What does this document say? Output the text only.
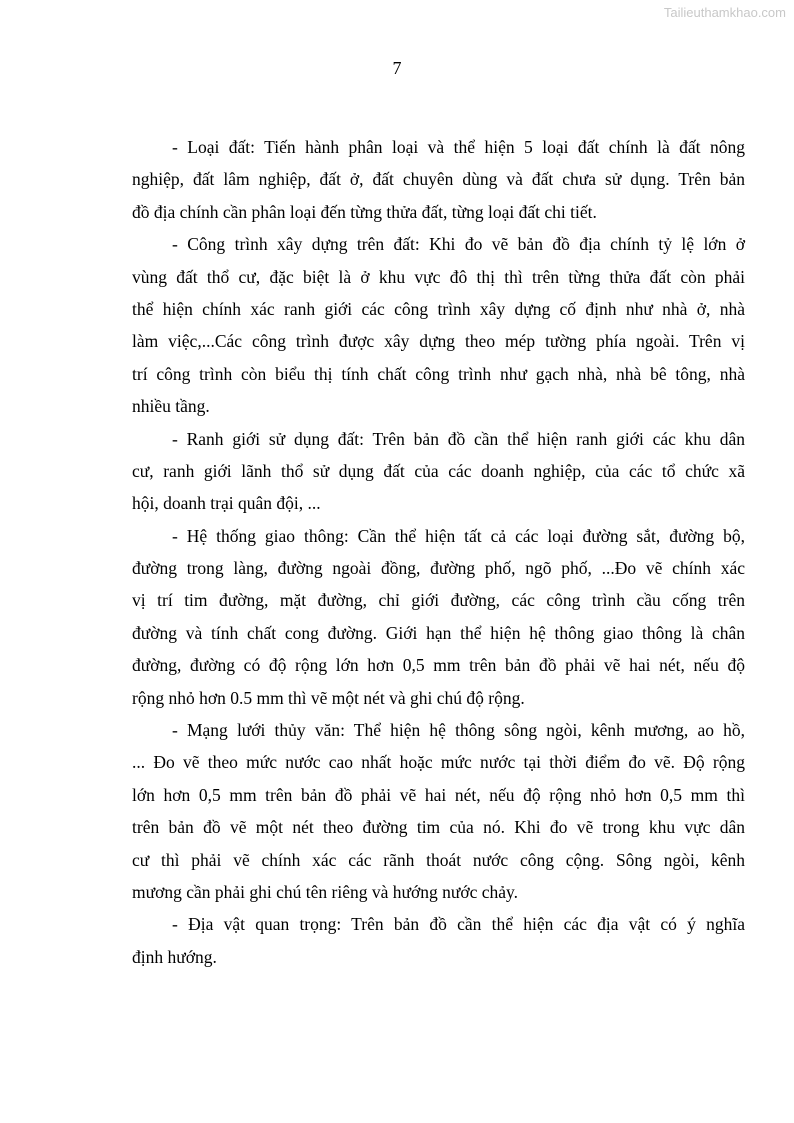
Tailieuthamkhao.com
7
- Loại đất: Tiến hành phân loại và thể hiện 5 loại đất chính là đất nông
nghiệp, đất lâm nghiệp, đất ở, đất chuyên dùng và đất chưa sử dụng. Trên bản
đồ địa chính cần phân loại đến từng thửa đất, từng loại đất chi tiết.
- Công trình xây dựng trên đất: Khi đo vẽ bản đồ địa chính tỷ lệ lớn ở
vùng đất thổ cư, đặc biệt là ở khu vực đô thị thì trên từng thửa đất còn phải
thể hiện chính xác ranh giới các công trình xây dựng cố định như nhà ở, nhà
làm việc,...Các công trình được xây dựng theo mép tường phía ngoài. Trên vị
trí công trình còn biểu thị tính chất công trình như gạch nhà, nhà bê tông, nhà
nhiều tầng.
- Ranh giới sử dụng đất: Trên bản đồ cần thể hiện ranh giới các khu dân
cư, ranh giới lãnh thổ sử dụng đất của các doanh nghiệp, của các tổ chức xã
hội, doanh trại quân đội, ...
- Hệ thống giao thông: Cần thể hiện tất cả các loại đường sắt, đường bộ,
đường trong làng, đường ngoài đồng, đường phố, ngõ phố, ...Đo vẽ chính xác
vị trí tim đường, mặt đường, chỉ giới đường, các công trình cầu cống trên
đường và tính chất cong đường. Giới hạn thể hiện hệ thông giao thông là chân
đường, đường có độ rộng lớn hơn 0,5 mm trên bản đồ phải vẽ hai nét, nếu độ
rộng nhỏ hơn 0.5 mm thì vẽ một nét và ghi chú độ rộng.
- Mạng lưới thủy văn: Thể hiện hệ thông sông ngòi, kênh mương, ao hồ,
... Đo vẽ theo mức nước cao nhất hoặc mức nước tại thời điểm đo vẽ. Độ rộng
lớn hơn 0,5 mm trên bản đồ phải vẽ hai nét, nếu độ rộng nhỏ hơn 0,5 mm thì
trên bản đồ vẽ một nét theo đường tim của nó. Khi đo vẽ trong khu vực dân
cư thì phải vẽ chính xác các rãnh thoát nước công cộng. Sông ngòi, kênh
mương cần phải ghi chú tên riêng và hướng nước chảy.
- Địa vật quan trọng: Trên bản đồ cần thể hiện các địa vật có ý nghĩa
định hướng.
